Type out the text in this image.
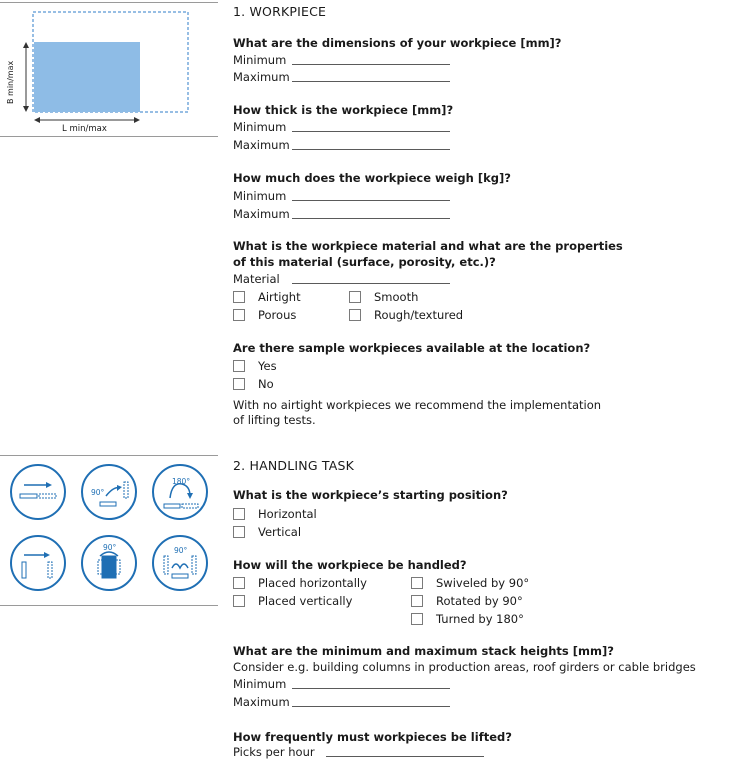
B min/max
L min/max
1. WORKPIECE
What are the dimensions of your workpiece [mm]?
Minimum
Maximum
How thick is the workpiece [mm]?
Minimum
Maximum
How much does the workpiece weigh [kg]?
Minimum
Maximum
What is the workpiece material and what are the properties
of this material (surface, porosity, etc.)?
Material
Airtight	Smooth
Porous	Rough/textured
Are there sample workpieces available at the location?
Yes
No
With no airtight workpieces we recommend the implementation
of lifting tests.
90°
180°
90°	90°
2. HANDLING TASK
What is the workpiece’s starting position?
Horizontal
Vertical
How will the workpiece be handled?
Placed horizontally
Placed vertically
Swiveled by 90°
Rotated by 90°
Turned by 180°
What are the minimum and maximum stack heights [mm]?
Consider e.g. building columns in production areas, roof girders or cable bridges
Minimum
Maximum
How frequently must workpieces be lifted?
Picks per hour
